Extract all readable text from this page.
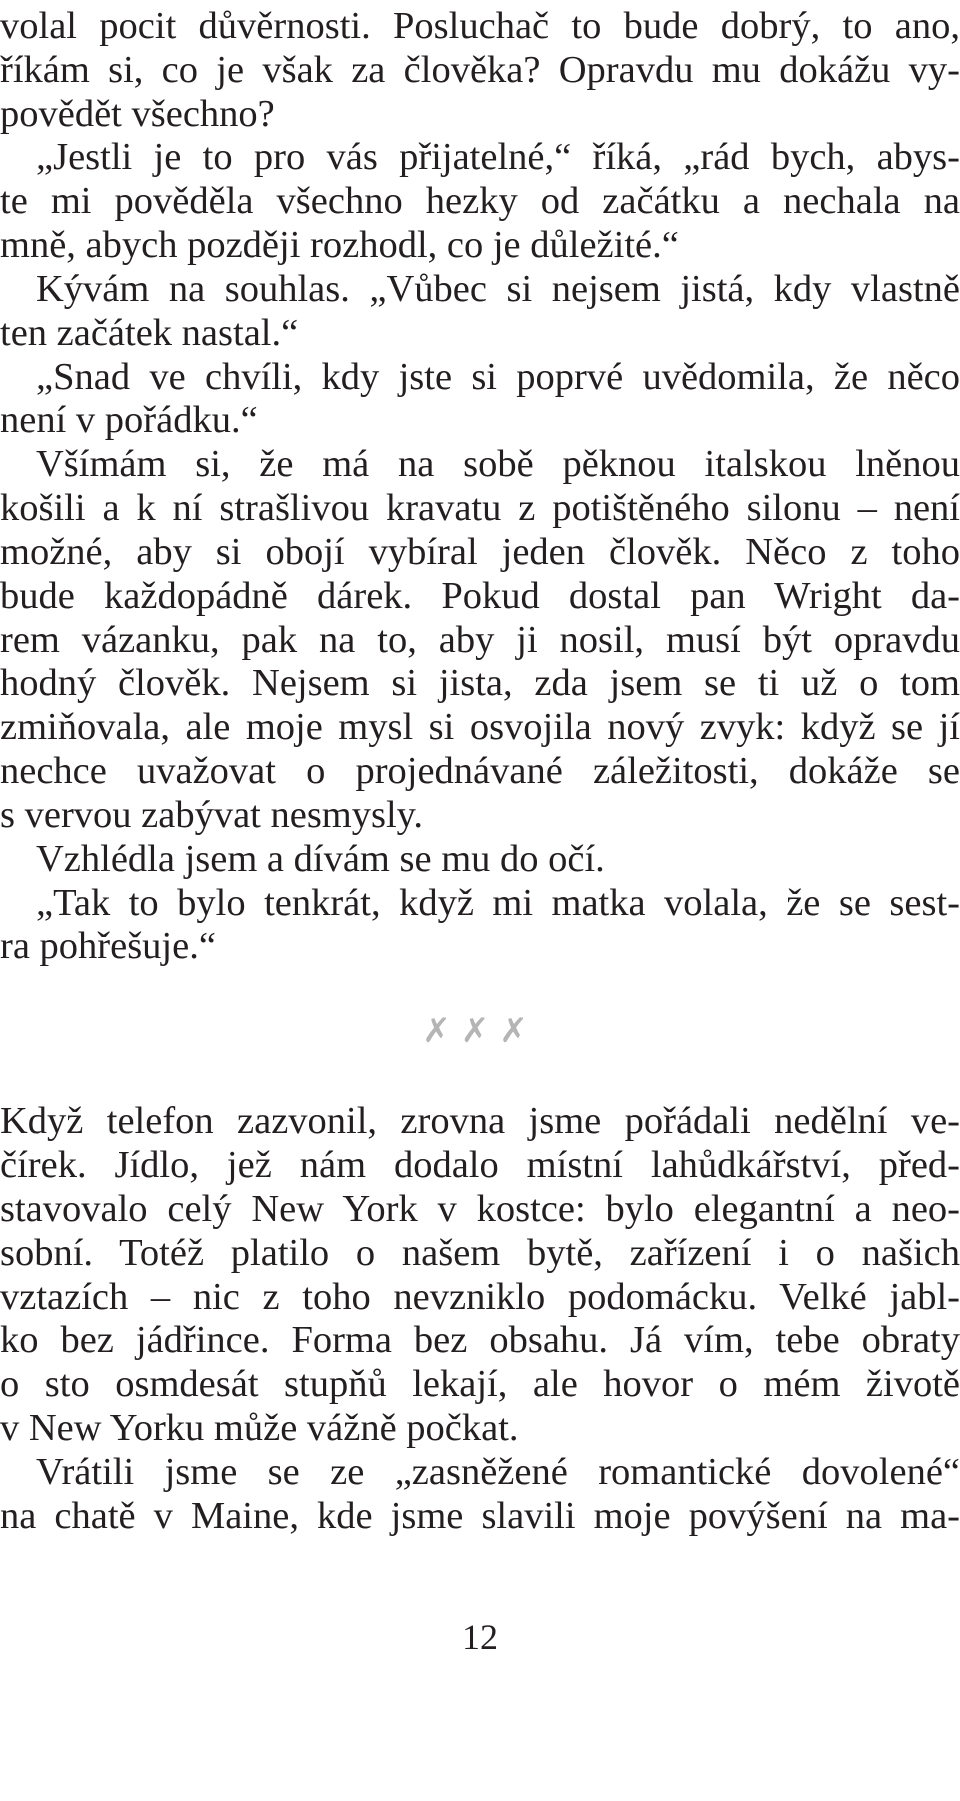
volal pocit důvěrnosti. Posluchač to bude dobrý, to ano,
říkám si, co je však za člověka? Opravdu mu dokážu vy-
povědět všechno?
„Jestli je to pro vás přijatelné,“ říká, „rád bych, abys-
te mi pověděla všechno hezky od začátku a nechala na
mně, abych později rozhodl, co je důležité.“
Kývám na souhlas. „Vůbec si nejsem jistá, kdy vlastně
ten začátek nastal.“
„Snad ve chvíli, kdy jste si poprvé uvědomila, že něco
není v pořádku.“
Všímám si, že má na sobě pěknou italskou lněnou
košili a k ní strašlivou kravatu z potištěného silonu – není
možné, aby si obojí vybíral jeden člověk. Něco z toho
bude každopádně dárek. Pokud dostal pan Wright da-
rem vázanku, pak na to, aby ji nosil, musí být opravdu
hodný člověk. Nejsem si jista, zda jsem se ti už o tom
zmiňovala, ale moje mysl si osvojila nový zvyk: když se jí
nechce uvažovat o projednávané záležitosti, dokáže se
s vervou zabývat nesmysly.
Vzhlédla jsem a dívám se mu do očí.
„Tak to bylo tenkrát, když mi matka volala, že se sest-
ra pohřešuje.“
✗✗✗
Když telefon zazvonil, zrovna jsme pořádali nedělní ve-
čírek. Jídlo, jež nám dodalo místní lahůdkářství, před-
stavovalo celý New York v kostce: bylo elegantní a neo-
sobní. Totéž platilo o našem bytě, zařízení i o našich
vztazích – nic z toho nevzniklo podomácku. Velké jabl-
ko bez jádřince. Forma bez obsahu. Já vím, tebe obraty
o sto osmdesát stupňů lekají, ale hovor o mém životě
v New Yorku může vážně počkat.
Vrátili jsme se ze „zasněžené romantické dovolené“
na chatě v Maine, kde jsme slavili moje povýšení na ma-
12
